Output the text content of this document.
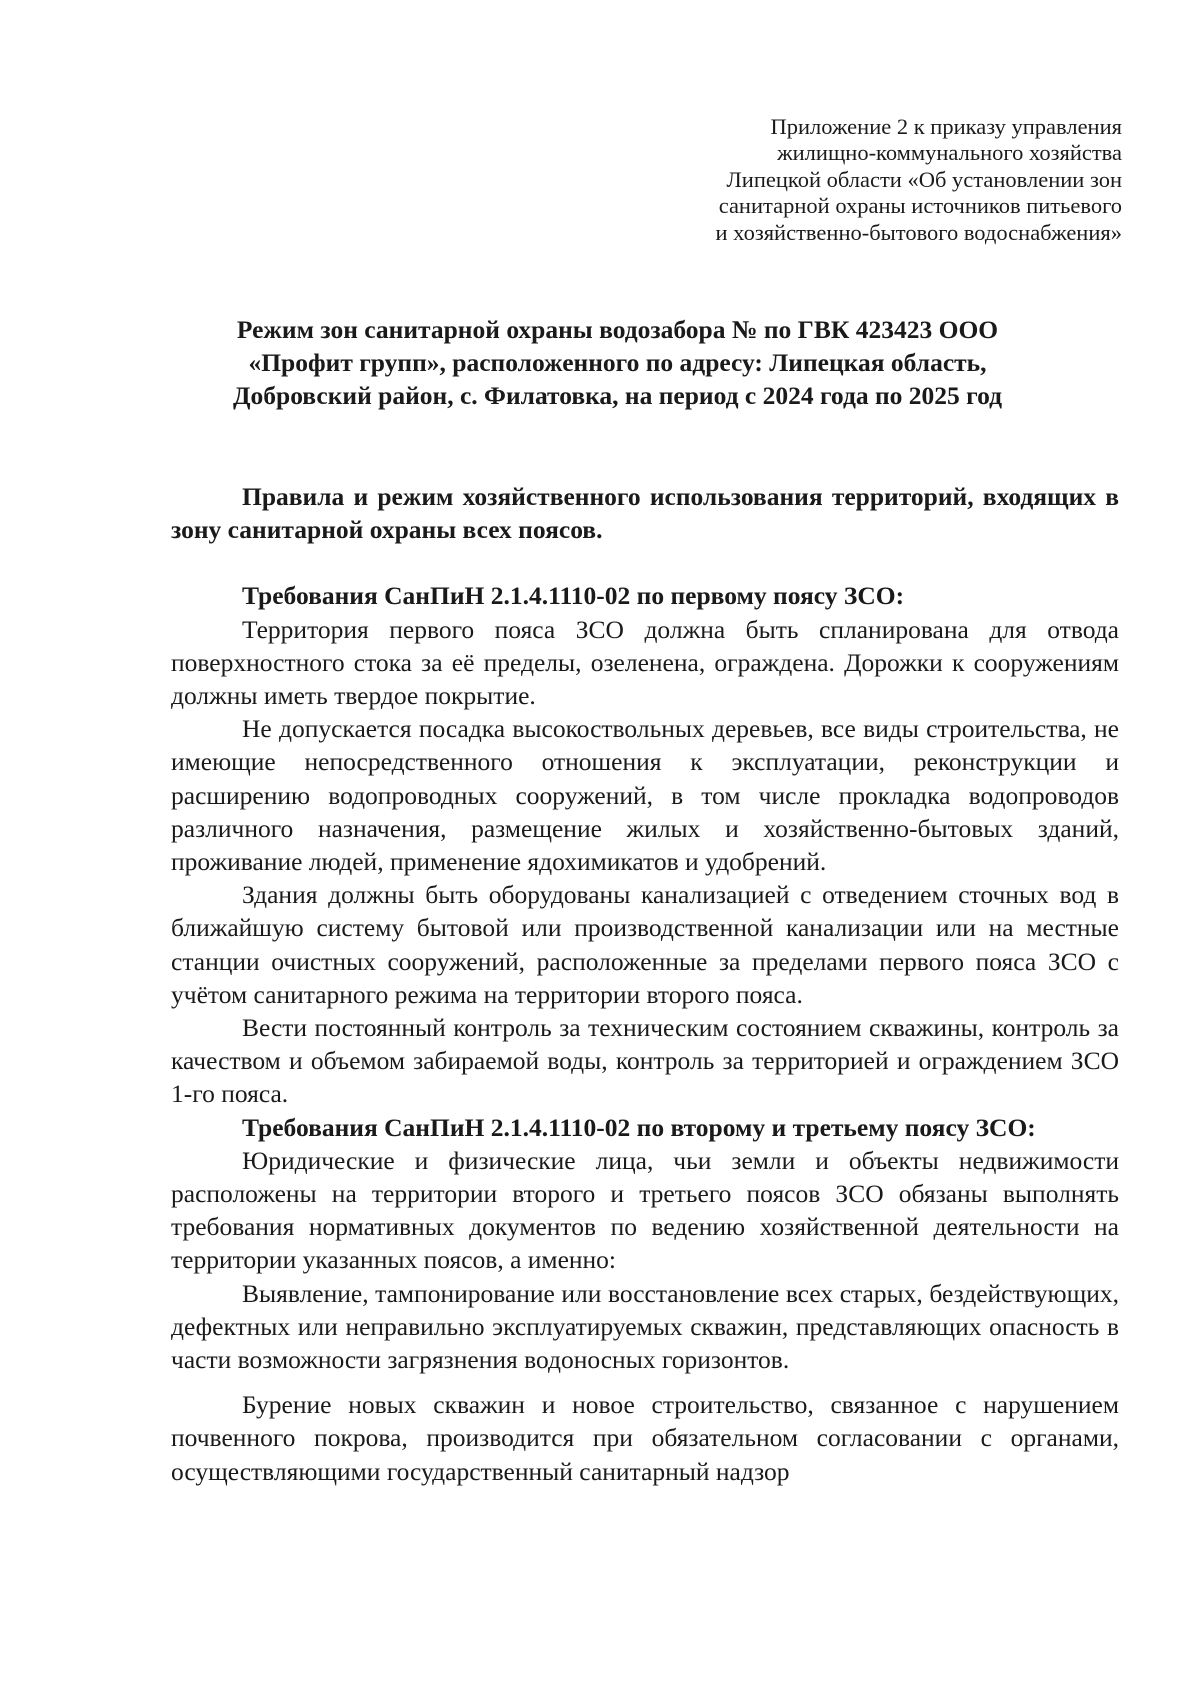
Приложение 2 к приказу управления
жилищно-коммунального хозяйства
Липецкой области «Об установлении зон
санитарной охраны источников питьевого
и хозяйственно-бытового водоснабжения»
Режим зон санитарной охраны водозабора № по ГВК 423423 ООО
«Профит групп», расположенного по адресу: Липецкая область,
Добровский район, с. Филатовка, на период с 2024 года по 2025 год

Правила и режим хозяйственного использования территорий, входящих в зону санитарной охраны всех поясов.

Требования СанПиН 2.1.4.1110-02 по первому поясу ЗСО:

Территория первого пояса ЗСО должна быть спланирована для отвода поверхностного стока за её пределы, озеленена, ограждена. Дорожки к сооружениям должны иметь твердое покрытие.

Не допускается посадка высокоствольных деревьев, все виды строительства, не имеющие непосредственного отношения к эксплуатации, реконструкции и расширению водопроводных сооружений, в том числе прокладка водопроводов различного назначения, размещение жилых и хозяйственно-бытовых зданий, проживание людей, применение ядохимикатов и удобрений.

Здания должны быть оборудованы канализацией с отведением сточных вод в ближайшую систему бытовой или производственной канализации или на местные станции очистных сооружений, расположенные за пределами первого пояса ЗСО с учётом санитарного режима на территории второго пояса.

Вести постоянный контроль за техническим состоянием скважины, контроль за качеством и объемом забираемой воды, контроль за территорией и ограждением ЗСО 1-го пояса.

Требования СанПиН 2.1.4.1110-02 по второму и третьему поясу ЗСО:

Юридические и физические лица, чьи земли и объекты недвижимости расположены на территории второго и третьего поясов ЗСО обязаны выполнять требования нормативных документов по ведению хозяйственной деятельности на территории указанных поясов, а именно:

Выявление, тампонирование или восстановление всех старых, бездействующих, дефектных или неправильно эксплуатируемых скважин, представляющих опасность в части возможности загрязнения водоносных горизонтов.

Бурение новых скважин и новое строительство, связанное с нарушением почвенного покрова, производится при обязательном согласовании с органами, осуществляющими государственный санитарный надзор
